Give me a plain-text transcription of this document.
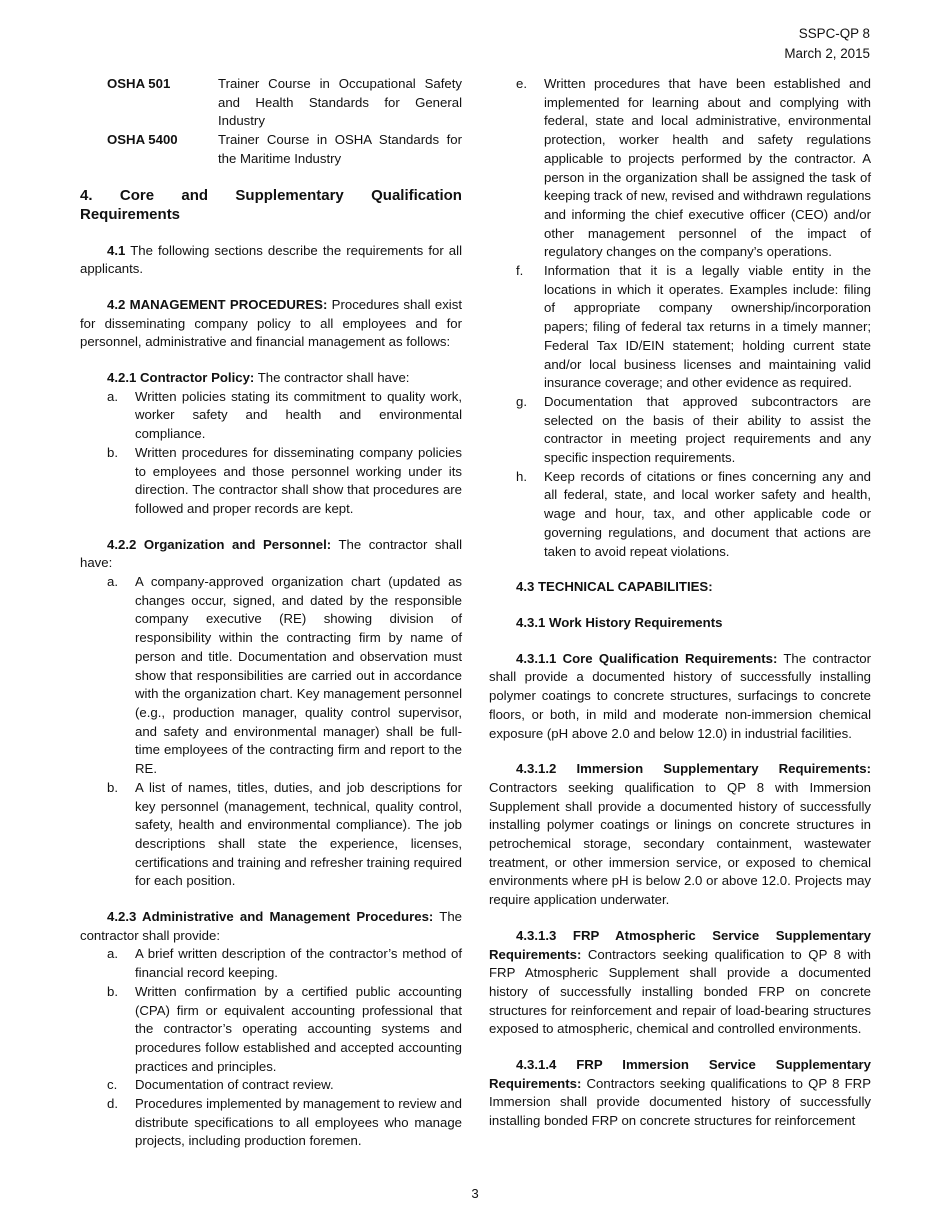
SSPC-QP 8
March 2, 2015
OSHA 501	Trainer Course in Occupational Safety and Health Standards for General Industry
OSHA 5400	Trainer Course in OSHA Standards for the Maritime Industry
4. Core and Supplementary Qualification
Requirements

4.1 The following sections describe the requirements for all applicants.

4.2 MANAGEMENT PROCEDURES: Procedures shall exist for disseminating company policy to all employees and for personnel, administrative and financial management as follows:

4.2.1 Contractor Policy: The contractor shall have:

a. Written policies stating its commitment to quality work, worker safety and health and environmental compliance.
b. Written procedures for disseminating company policies to employees and those personnel working under its direction. The contractor shall show that procedures are followed and proper records are kept.

4.2.2 Organization and Personnel: The contractor shall have:

a. A company-approved organization chart (updated as changes occur, signed, and dated by the responsible company executive (RE) showing division of responsibility within the contracting firm by name of person and title. Documentation and observation must show that responsibilities are carried out in accordance with the organization chart. Key management personnel (e.g., production manager, quality control supervisor, and safety and environmental manager) shall be full-time employees of the contracting firm and report to the RE.
b. A list of names, titles, duties, and job descriptions for key personnel (management, technical, quality control, safety, health and environmental compliance). The job descriptions shall state the experience, licenses, certifications and training and refresher training required for each position.

4.2.3 Administrative and Management Procedures: The contractor shall provide:

a. A brief written description of the contractor’s method of financial record keeping.
b. Written confirmation by a certified public accounting (CPA) firm or equivalent accounting professional that the contractor’s operating accounting systems and procedures follow established and accepted accounting practices and principles.
c. Documentation of contract review.
d. Procedures implemented by management to review and distribute specifications to all employees who manage projects, including production foremen.
e. Written procedures that have been established and implemented for learning about and complying with federal, state and local administrative, environmental protection, worker health and safety regulations applicable to projects performed by the contractor. A person in the organization shall be assigned the task of keeping track of new, revised and withdrawn regulations and informing the chief executive officer (CEO) and/or other management personnel of the impact of regulatory changes on the company’s operations.
f. Information that it is a legally viable entity in the locations in which it operates. Examples include: filing of appropriate company ownership/incorporation papers; filing of federal tax returns in a timely manner; Federal Tax ID/EIN statement; holding current state and/or local business licenses and maintaining valid insurance coverage; and other evidence as required.
g. Documentation that approved subcontractors are selected on the basis of their ability to assist the contractor in meeting project requirements and any specific inspection requirements.
h. Keep records of citations or fines concerning any and all federal, state, and local worker safety and health, wage and hour, tax, and other applicable code or governing regulations, and document that actions are taken to avoid repeat violations.

4.3 TECHNICAL CAPABILITIES:

4.3.1 Work History Requirements

4.3.1.1 Core Qualification Requirements: The contractor shall provide a documented history of successfully installing polymer coatings to concrete structures, surfacings to concrete floors, or both, in mild and moderate non-immersion chemical exposure (pH above 2.0 and below 12.0) in industrial facilities.

4.3.1.2 Immersion Supplementary Requirements: Contractors seeking qualification to QP 8 with Immersion Supplement shall provide a documented history of successfully installing polymer coatings or linings on concrete structures in petrochemical storage, secondary containment, wastewater treatment, or other immersion service, or exposed to chemical environments where pH is below 2.0 or above 12.0. Projects may require application underwater.

4.3.1.3 FRP Atmospheric Service Supplementary Requirements: Contractors seeking qualification to QP 8 with FRP Atmospheric Supplement shall provide a documented history of successfully installing bonded FRP on concrete structures for reinforcement and repair of load-bearing structures exposed to atmospheric, chemical and controlled environments.

4.3.1.4 FRP Immersion Service Supplementary Requirements: Contractors seeking qualifications to QP 8 FRP Immersion shall provide documented history of successfully installing bonded FRP on concrete structures for reinforcement

3
